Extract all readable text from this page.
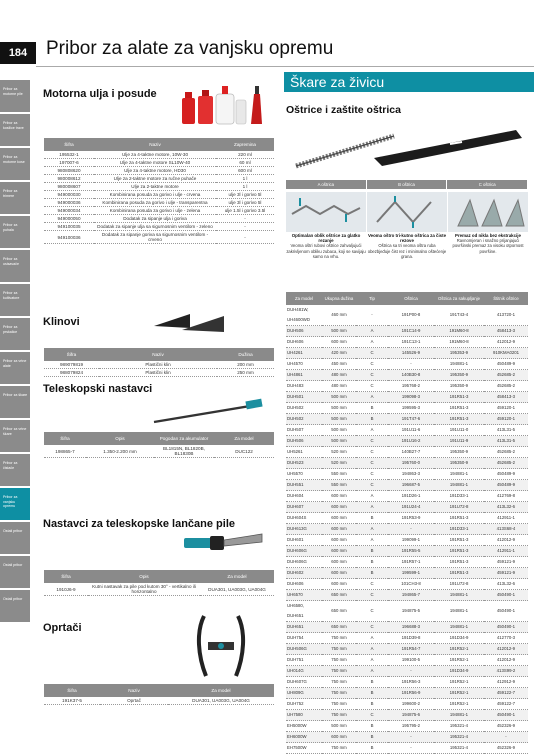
184 Pribor za alate za vanjsku opremu
Pribor za motorne pile
Pribor za kosilice trave
Pribor za motorne kose
Pribor za trimere
Pribor za puhala
Pribor za usisavače
Pribor za kultivatore
Pribor za prskalice
Pribor za vrtne alate
Pribor za škare
Pribor za vrtne škare
Pribor za čistače
Pribor za vanjsku opremu
Ostali pribor
Ostali pribor
Ostali pribor
Motorna ulja i posude
Šifra	Naziv	Zapremina
195532-1	Ulje za 4-taktne motore, 10W-30	220 ml
197007-6	Ulje za 4-taktne motore SL10W-40	60 ml
980808620	Ulje za 4-taktne motore, HD30	600 ml
980008612	Ulje za 2-taktne motore za ručne puhače	1 l
980008607	Ulje za 2-taktne motore	1 l
949000030	Kombinirana posuda za gorivo i ulje - crvena	ulje 3l i gorivo 5l
949000036	Kombinirana posuda za gorivo i ulje - transparentna	ulje 3l i gorivo 5l
949000034	Kombinirana posuda za gorivo i ulje - zelena	ulje 1.5l i gorivo 3.5l
949000050	Dodatak za sipanje ulja i goriva	-
949100035	Dodatak za sipanje ulja sa sigurnosnim ventilom - zeleno	-
949100036	Dodatak za sipanje goriva sa sigurnosnim ventilom - crveno	-
Klinovi
Šifra	Naziv	Dužina
989079819	Plastični klin	200 mm
988079824	Plastični klin	250 mm
Teleskopski nastavci
Šifra	Opis	Pogodan za akumulator	Za model
198865-7	1.350-2.200 mm	BL1815N, BL1820B, BL1830B	DUC122
Nastavci za teleskopske lančane pile
Šifra	Opis	Za model
1910J6-9	Kutni nastavak za pile pod kutom 30° - vertikalno ili horizontalno	DUA301, UA003G, UA004G
Oprtači
Šifra	Naziv	Za model
191K37-5	Oprtač	DUA301, UA003G, UA004G
Škare za živicu
Oštrice i zaštite oštrica
A oštrica	B oštrica	C oštrica
Optimalan oblik oštrice za glatko rezanje
Veoma oštri rubovi oštrice zahvaljujući zakrivljenom obliku zubaca, koji se savijaju samo na vrhu.
Veoma oštro tri-kutno oštrica za čiste rezove
Oštrica sa tri veoma oštra ruba obezbjeđuje čist rez i minimalno oštećenje grana.
Premaz od nikla bez ekstrakcije
Ravnomjeran i snažno prijanjajući površinski premaz za visoku otpornost površine.
Za model	Ukupna dužina	Tip	Oštrica	Oštrica za sakupljanje	Štitnik oštrice
DUH481W, UH4600WD	460 mm	-	191P00-8	191T43-4	413720-1
DUH506	500 mm	A	191C14-9	191M60-8	458413-3
DUH606	600 mm	A	191C13-1	191M60-8	412012-9
UH4261	420 mm	C	145526-9	195353-9	910KMA0201
UH4570	450 mm	C	-	194881-1	450489-9
UH4861	480 mm	C	140B30-8	195350-9	452685-2
DUH483	480 mm	C	195768-2	195350-9	452685-2
DUH501	500 mm	A	199098-3	191R51-3	458413-3
DUH502	500 mm	B	199595-3	191R51-3	459120-1
DUH502	500 mm	B	191T47-6	191R51-3	459120-1
DUH507	500 mm	A	191U11-6	191U11-0	413L31-5
DUH506	500 mm	C	191U16-2	191U11-9	413L31-5
UH5261	520 mm	C	140B27-7	195350-9	452685-2
DUH523	520 mm	C	195760-0	195350-9	452685-2
UH5570	550 mm	C	194863-3	194881-1	450489-9
DUH551	550 mm	C	196687-5	194881-1	450489-9
DUH604	600 mm	A	191D26-1	191D33-1	412769-8
DUH607	600 mm	A	191U24-4	191U72-8	413L32-6
DUH604S	600 mm	B	191R53-9	191R51-3	412911-1
DUH613G	600 mm	A	-	191D33-1	413S68-4
DUH601	600 mm	A	199099-1	191R51-3	412012-9
DUH606G	600 mm	B	191R55-5	191R51-3	412911-1
DUH606G	600 mm	B	191R57-1	191R51-3	459121-9
DUH602	600 mm	B	199599-1	191R51-3	459121-9
DUH606	600 mm	C	101CH3-8	191U72-8	413L32-6
UH6570	650 mm	C	194865-7	194881-1	450490-1
UH6580, DUH651	650 mm	C	194875-5	194881-1	450490-1
DUH651	650 mm	C	196688-3	194881-1	450490-1
DUH754	750 mm	A	191D39-8	191D34-9	412770-3
DUH506G	750 mm	A	191R54-7	191R52-1	412012-9
DUH751	750 mm	A	199100-5	191R52-1	412012-9
UH014G	750 mm	A	-	191D34-9	413S99-2
DUH607G	750 mm	B	191R56-3	191R52-1	412912-9
UH809G	750 mm	B	191R56-9	191R52-1	459122-7
DUH752	750 mm	B	199600-2	191R52-1	459122-7
UH7580	750 mm	C	194875-6	194881-1	450490-1
EH5000W	500 mm	B	195795-2	195321-4	452326-9
EH6000W	600 mm	B	-	195321-4	-
EH7500W	750 mm	B	-	195321-4	452326-9
